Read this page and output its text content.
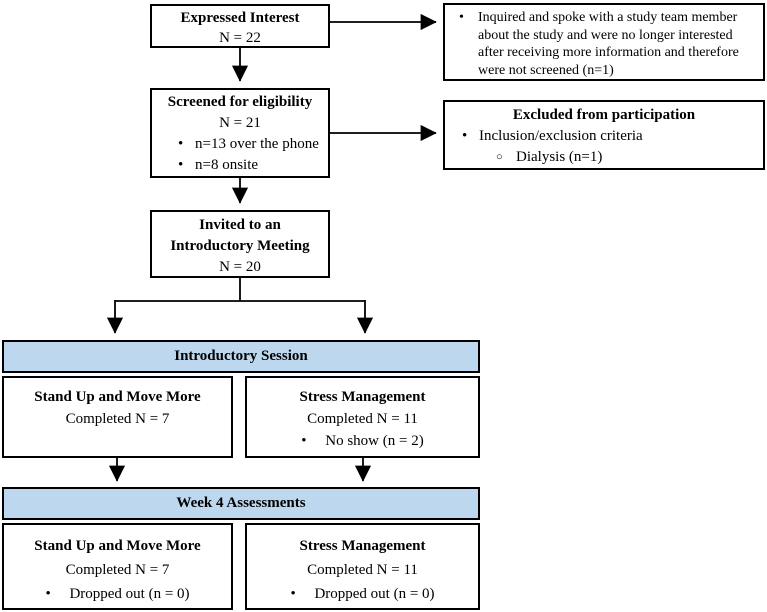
Expressed Interest
N = 22
• Inquired and spoke with a study team member about the study and were no longer interested after receiving more information and therefore were not screened (n=1)
Screened for eligibility
N = 21
• n=13 over the phone
• n=8 onsite
Excluded from participation
• Inclusion/exclusion criteria
○ Dialysis (n=1)
Invited to an
Introductory Meeting
N = 20
Introductory Session
Stand Up and Move More
Completed N = 7
Stress Management
Completed N = 11
• No show (n = 2)
Week 4 Assessments
Stand Up and Move More
Completed N = 7
• Dropped out (n = 0)
Stress Management
Completed N = 11
• Dropped out (n = 0)
